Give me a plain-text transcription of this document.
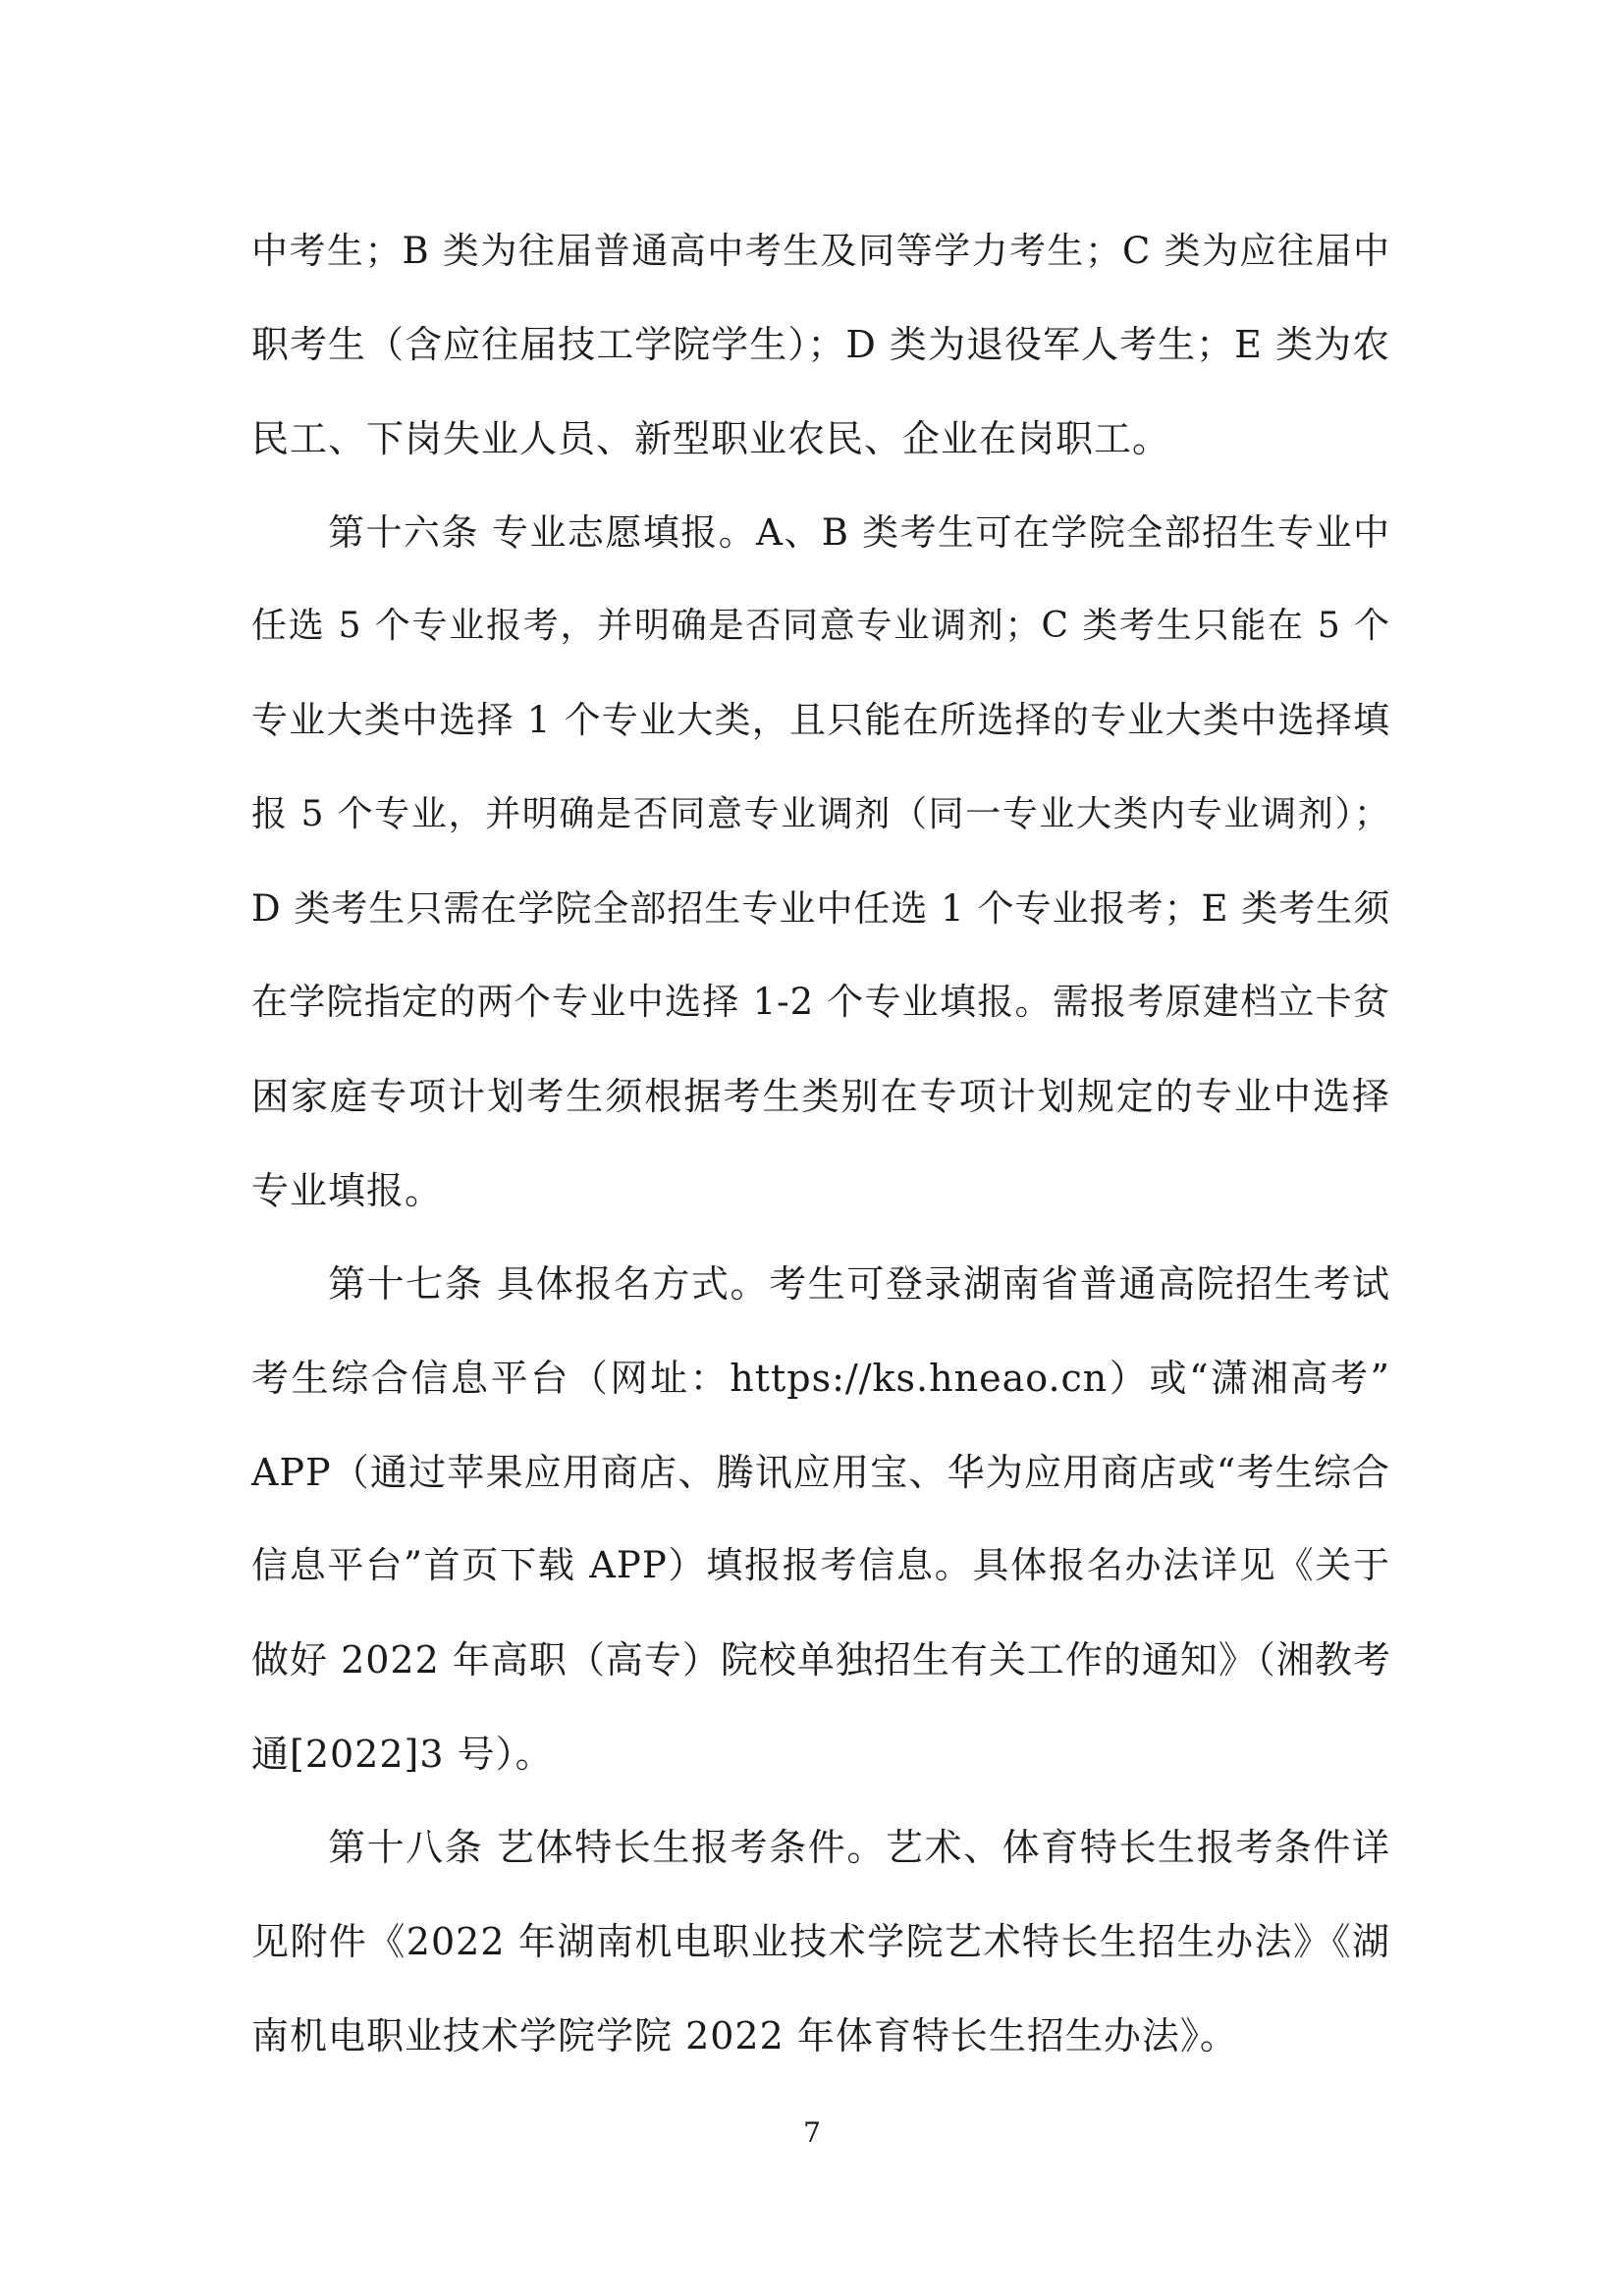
中考生；B 类为往届普通高中考生及同等学力考生；C 类为应往届中
职考生（含应往届技工学院学生）；D 类为退役军人考生；E 类为农
民工、下岗失业人员、新型职业农民、企业在岗职工。
第十六条 专业志愿填报。A、B 类考生可在学院全部招生专业中
任选 5 个专业报考，并明确是否同意专业调剂；C 类考生只能在 5 个
专业大类中选择 1 个专业大类，且只能在所选择的专业大类中选择填
报 5 个专业，并明确是否同意专业调剂（同一专业大类内专业调剂）；
D 类考生只需在学院全部招生专业中任选 1 个专业报考；E 类考生须
在学院指定的两个专业中选择 1-2 个专业填报。需报考原建档立卡贫
困家庭专项计划考生须根据考生类别在专项计划规定的专业中选择
专业填报。
第十七条 具体报名方式。考生可登录湖南省普通高院招生考试
考生综合信息平台（网址：https://ks.hneao.cn）或“潇湘高考”
APP（通过苹果应用商店、腾讯应用宝、华为应用商店或“考生综合
信息平台”首页下载 APP）填报报考信息。具体报名办法详见《关于
做好 2022 年高职（高专）院校单独招生有关工作的通知》（湘教考
通[2022]3 号）。
第十八条 艺体特长生报考条件。艺术、体育特长生报考条件详
见附件《2022 年湖南机电职业技术学院艺术特长生招生办法》《湖
南机电职业技术学院学院 2022 年体育特长生招生办法》。
7
